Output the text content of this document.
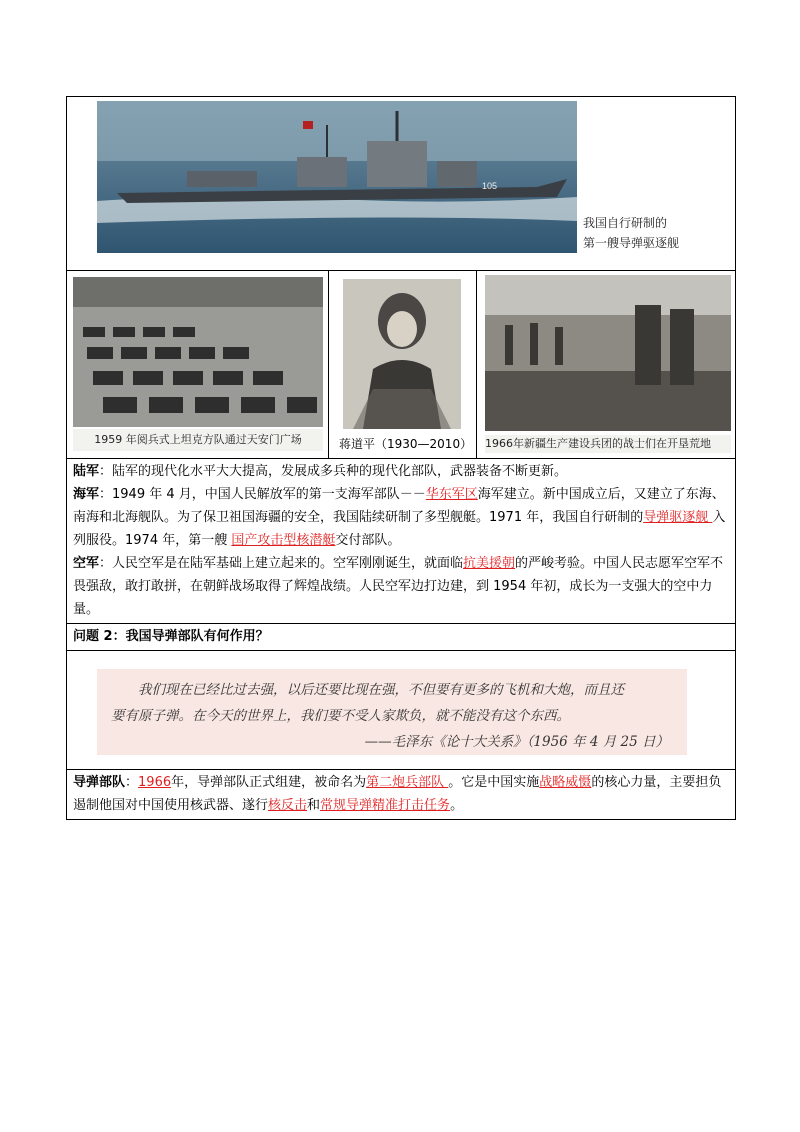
105
我国自行研制的
第一艘导弹驱逐舰
1959 年阅兵式上坦克方队通过天安门广场	蒋道平（1930—2010） 1966年新疆生产建设兵团的战士们在开垦荒地
陆军：陆军的现代化水平大大提高，发展成多兵种的现代化部队，武器装备不断更新。
海军：1949 年 4 月，中国人民解放军的第一支海军部队－－华东军区海军建立。新中国成立后，又建立了东海、南海和北海舰队。为了保卫祖国海疆的安全，我国陆续研制了多型舰艇。1971 年，我国自行研制的导弹驱逐舰 入列服役。1974 年，第一艘 国产攻击型核潜艇交付部队。
空军：人民空军是在陆军基础上建立起来的。空军刚刚诞生，就面临抗美援朝的严峻考验。中国人民志愿军空军不畏强敌，敢打敢拼，在朝鲜战场取得了辉煌战绩。人民空军边打边建，到 1954 年初，成长为一支强大的空中力量。
问题 2：我国导弹部队有何作用？
我们现在已经比过去强，以后还要比现在强，不但要有更多的飞机和大炮，而且还
要有原子弹。在今天的世界上，我们要不受人家欺负，就不能没有这个东西。
——毛泽东《论十大关系》（1956 年 4 月 25 日）
导弹部队：1966年，导弹部队正式组建，被命名为第二炮兵部队 。它是中国实施战略威慑的核心力量，主要担负遏制他国对中国使用核武器、遂行核反击和常规导弹精准打击任务。
